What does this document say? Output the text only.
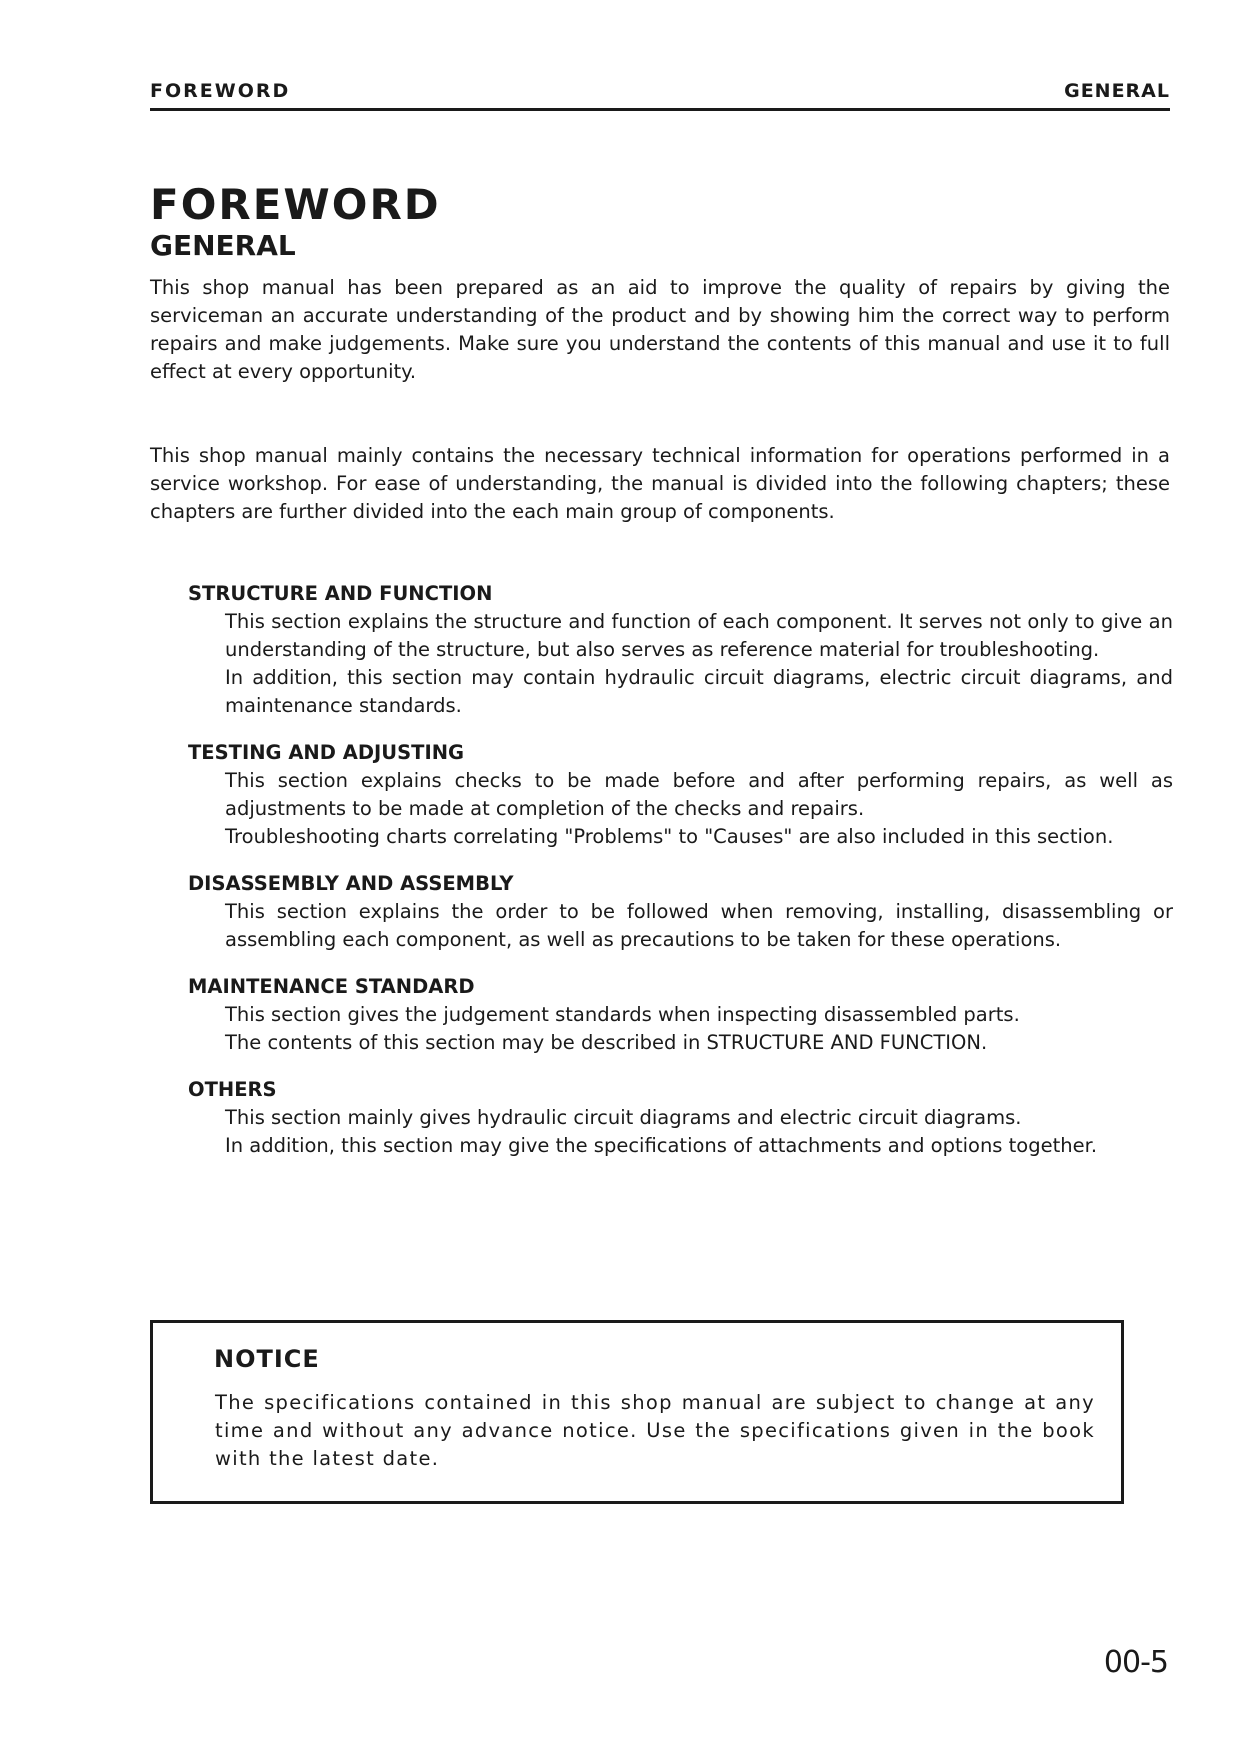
FOREWORD	GENERAL
FOREWORD
GENERAL

This shop manual has been prepared as an aid to improve the quality of repairs by giving the serviceman an accurate understanding of the product and by showing him the correct way to perform repairs and make judgements. Make sure you understand the contents of this manual and use it to full effect at every opportunity.

This shop manual mainly contains the necessary technical information for operations performed in a service workshop. For ease of understanding, the manual is divided into the following chapters; these chapters are further divided into the each main group of components.

STRUCTURE AND FUNCTION

This section explains the structure and function of each component. It serves not only to give an understanding of the structure, but also serves as reference material for troubleshooting.

In addition, this section may contain hydraulic circuit diagrams, electric circuit diagrams, and maintenance standards.

TESTING AND ADJUSTING

This section explains checks to be made before and after performing repairs, as well as adjustments to be made at completion of the checks and repairs.

Troubleshooting charts correlating "Problems" to "Causes" are also included in this section.

DISASSEMBLY AND ASSEMBLY

This section explains the order to be followed when removing, installing, disassembling or assembling each component, as well as precautions to be taken for these operations.

MAINTENANCE STANDARD

This section gives the judgement standards when inspecting disassembled parts.

The contents of this section may be described in STRUCTURE AND FUNCTION.

OTHERS

This section mainly gives hydraulic circuit diagrams and electric circuit diagrams.

In addition, this section may give the specifications of attachments and options together.

NOTICE

The specifications contained in this shop manual are subject to change at any time and without any advance notice. Use the specifications given in the book with the latest date.

00-5
